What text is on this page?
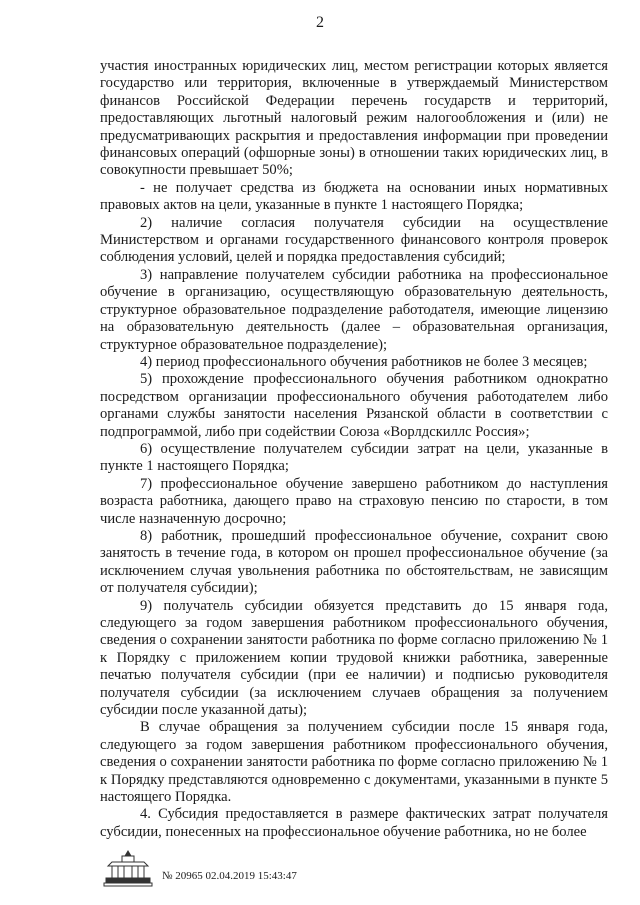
2

участия иностранных юридических лиц, местом регистрации которых является государство или территория, включенные в утверждаемый Министерством финансов Российской Федерации перечень государств и территорий, предоставляющих льготный налоговый режим налогообложения и (или) не предусматривающих раскрытия и предоставления информации при проведении финансовых операций (офшорные зоны) в отношении таких юридических лиц, в совокупности превышает 50%;

- не получает средства из бюджета на основании иных нормативных правовых актов на цели, указанные в пункте 1 настоящего Порядка;

2) наличие согласия получателя субсидии на осуществление Министерством и органами государственного финансового контроля проверок соблюдения условий, целей и порядка предоставления субсидий;

3) направление получателем субсидии работника на профессиональное обучение в организацию, осуществляющую образовательную деятельность, структурное образовательное подразделение работодателя, имеющие лицензию на образовательную деятельность (далее – образовательная организация, структурное образовательное подразделение);

4) период профессионального обучения работников не более 3 месяцев;

5) прохождение профессионального обучения работником однократно посредством организации профессионального обучения работодателем либо органами службы занятости населения Рязанской области в соответствии с подпрограммой, либо при содействии Союза «Ворлдскиллс Россия»;

6) осуществление получателем субсидии затрат на цели, указанные в пункте 1 настоящего Порядка;

7) профессиональное обучение завершено работником до наступления возраста работника, дающего право на страховую пенсию по старости, в том числе назначенную досрочно;

8) работник, прошедший профессиональное обучение, сохранит свою занятость в течение года, в котором он прошел профессиональное обучение (за исключением случая увольнения работника по обстоятельствам, не зависящим от получателя субсидии);

9) получатель субсидии обязуется представить до 15 января года, следующего за годом завершения работником профессионального обучения, сведения о сохранении занятости работника по форме согласно приложению № 1 к Порядку с приложением копии трудовой книжки работника, заверенные печатью получателя субсидии (при ее наличии) и подписью руководителя получателя субсидии (за исключением случаев обращения за получением субсидии после указанной даты);

В случае обращения за получением субсидии после 15 января года, следующего за годом завершения работником профессионального обучения, сведения о сохранении занятости работника по форме согласно приложению № 1 к Порядку представляются одновременно с документами, указанными в пункте 5 настоящего Порядка.

4. Субсидия предоставляется в размере фактических затрат получателя субсидии, понесенных на профессиональное обучение работника, но не более

№ 20965 02.04.2019 15:43:47
